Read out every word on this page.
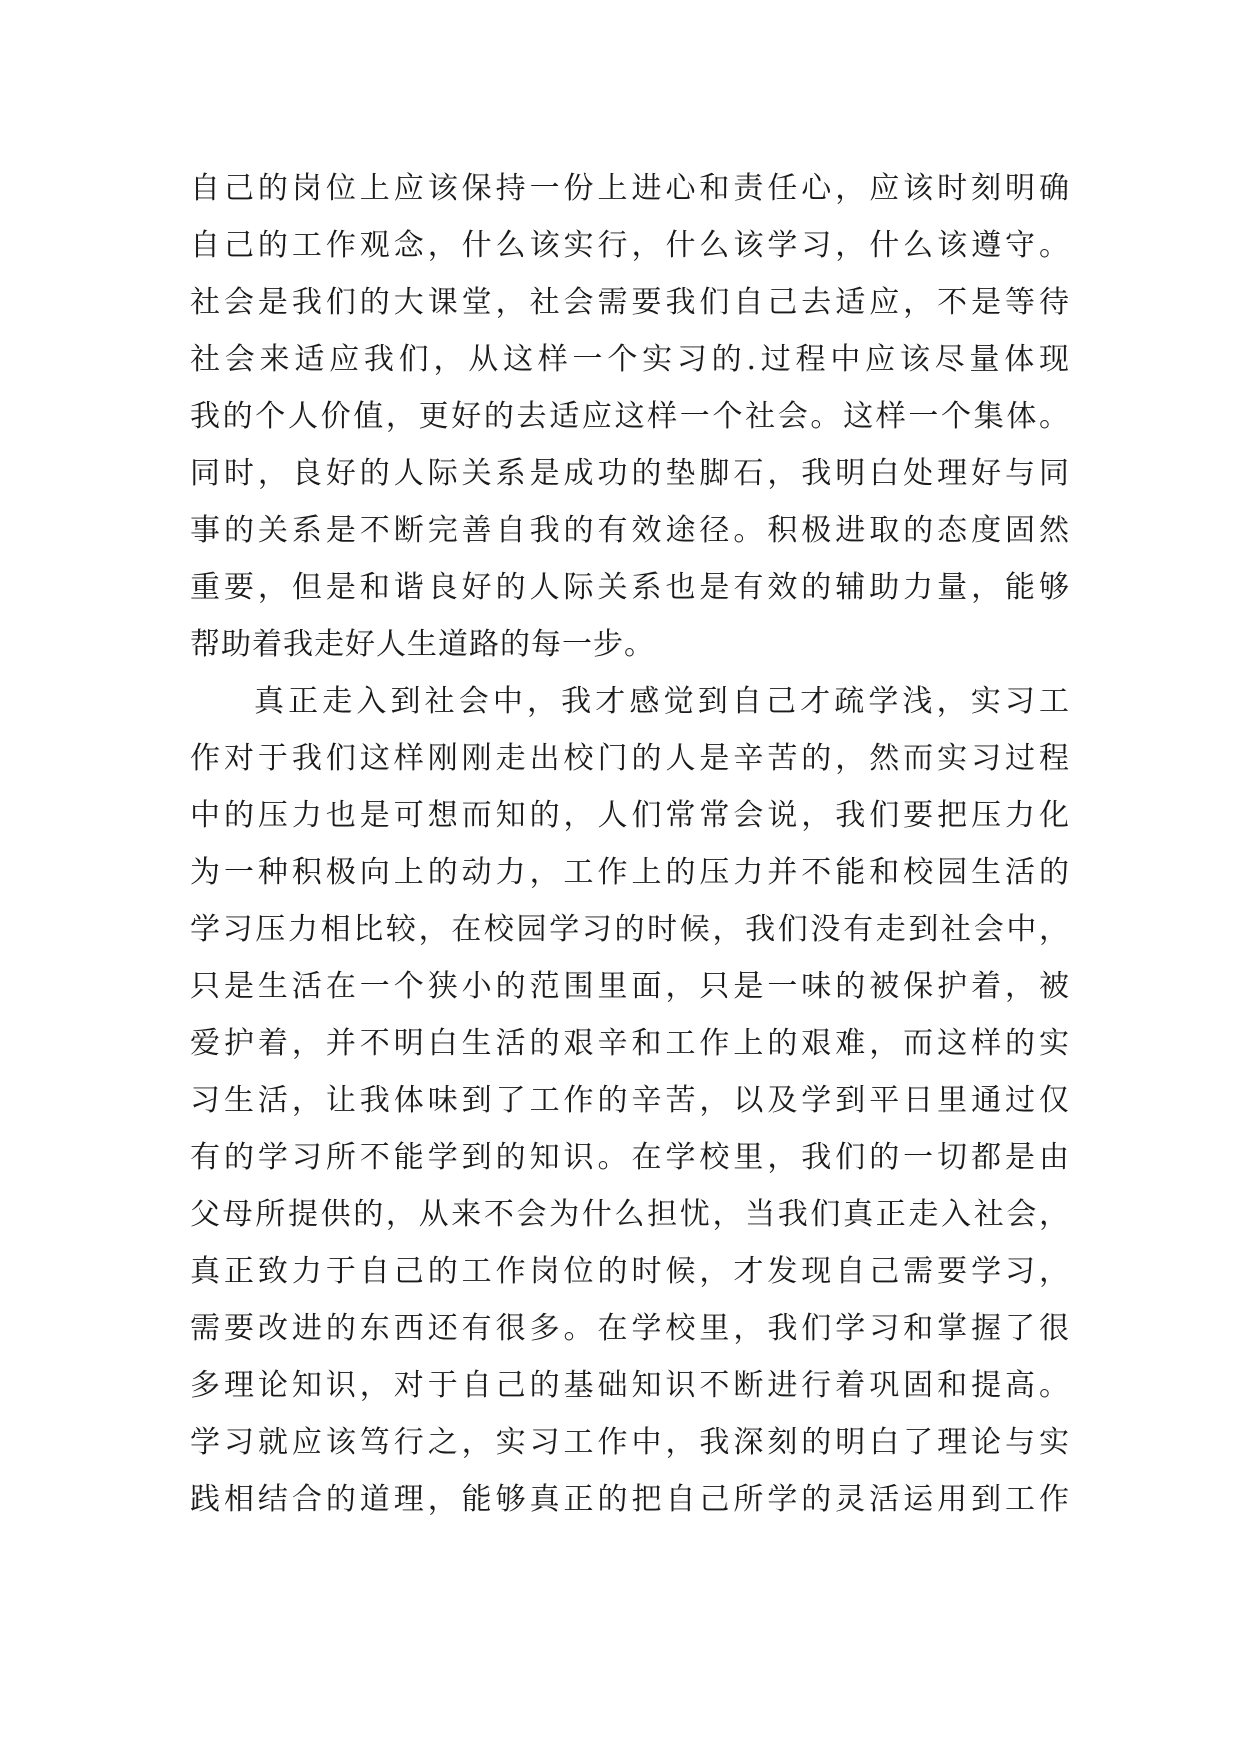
自己的岗位上应该保持一份上进心和责任心，应该时刻明确
自己的工作观念，什么该实行，什么该学习，什么该遵守。
社会是我们的大课堂，社会需要我们自己去适应，不是等待
社会来适应我们，从这样一个实习的.过程中应该尽量体现
我的个人价值，更好的去适应这样一个社会。这样一个集体。
同时，良好的人际关系是成功的垫脚石，我明白处理好与同
事的关系是不断完善自我的有效途径。积极进取的态度固然
重要，但是和谐良好的人际关系也是有效的辅助力量，能够
帮助着我走好人生道路的每一步。
真正走入到社会中，我才感觉到自己才疏学浅，实习工
作对于我们这样刚刚走出校门的人是辛苦的，然而实习过程
中的压力也是可想而知的，人们常常会说，我们要把压力化
为一种积极向上的动力，工作上的压力并不能和校园生活的
学习压力相比较，在校园学习的时候，我们没有走到社会中，
只是生活在一个狭小的范围里面，只是一味的被保护着，被
爱护着，并不明白生活的艰辛和工作上的艰难，而这样的实
习生活，让我体味到了工作的辛苦，以及学到平日里通过仅
有的学习所不能学到的知识。在学校里，我们的一切都是由
父母所提供的，从来不会为什么担忧，当我们真正走入社会，
真正致力于自己的工作岗位的时候，才发现自己需要学习，
需要改进的东西还有很多。在学校里，我们学习和掌握了很
多理论知识，对于自己的基础知识不断进行着巩固和提高。
学习就应该笃行之，实习工作中，我深刻的明白了理论与实
践相结合的道理，能够真正的把自己所学的灵活运用到工作
